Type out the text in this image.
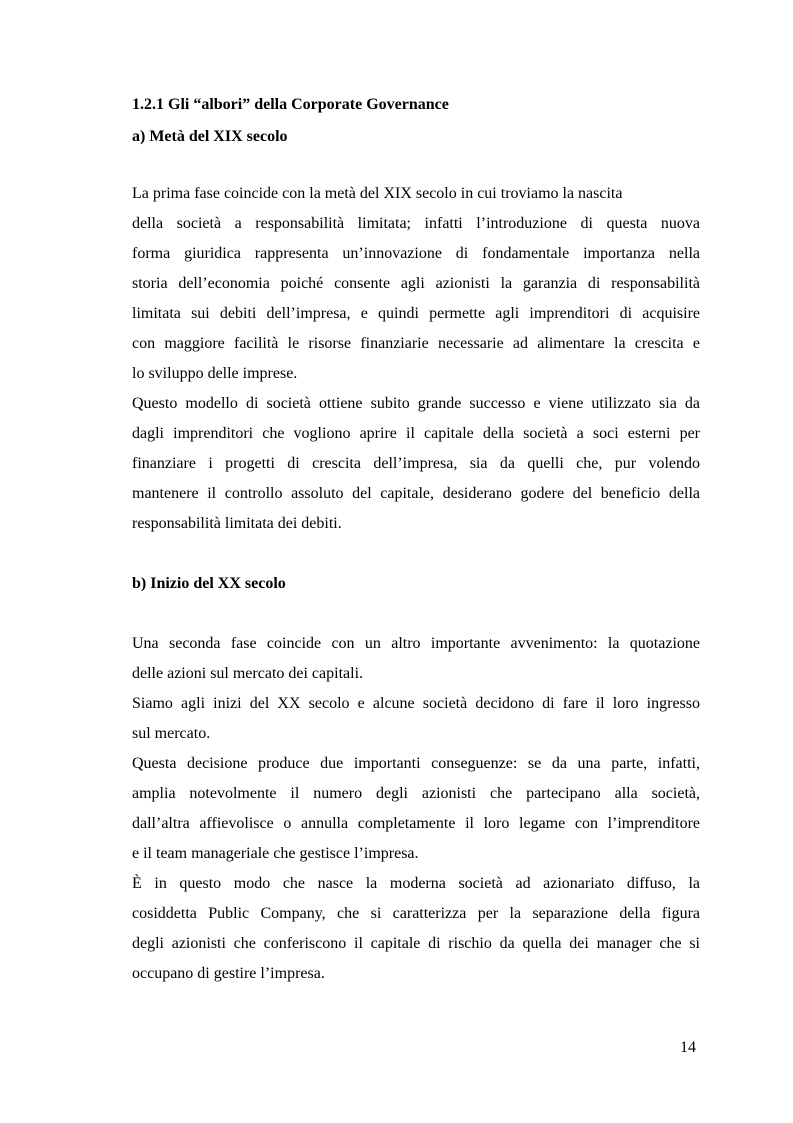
1.2.1 Gli “albori” della Corporate Governance
a) Metà del XIX secolo

La prima fase coincide con la metà del XIX secolo in cui troviamo la nascita
della società a responsabilità limitata; infatti l’introduzione di questa nuova
forma giuridica rappresenta un’innovazione di fondamentale importanza nella
storia dell’economia poiché consente agli azionisti la garanzia di responsabilità
limitata sui debiti dell’impresa, e quindi permette agli imprenditori di acquisire
con maggiore facilità le risorse finanziarie necessarie ad alimentare la crescita e
lo sviluppo delle imprese.

Questo modello di società ottiene subito grande successo e viene utilizzato sia da
dagli imprenditori che vogliono aprire il capitale della società a soci esterni per
finanziare i progetti di crescita dell’impresa, sia da quelli che, pur volendo
mantenere il controllo assoluto del capitale, desiderano godere del beneficio della
responsabilità limitata dei debiti.

b) Inizio del XX secolo

Una seconda fase coincide con un altro importante avvenimento: la quotazione
delle azioni sul mercato dei capitali.

Siamo agli inizi del XX secolo e alcune società decidono di fare il loro ingresso
sul mercato.

Questa decisione produce due importanti conseguenze: se da una parte, infatti,
amplia notevolmente il numero degli azionisti che partecipano alla società,
dall’altra affievolisce o annulla completamente il loro legame con l’imprenditore
e il team manageriale che gestisce l’impresa.

È in questo modo che nasce la moderna società ad azionariato diffuso, la
cosiddetta Public Company, che si caratterizza per la separazione della figura
degli azionisti che conferiscono il capitale di rischio da quella dei manager che si
occupano di gestire l’impresa.

14
